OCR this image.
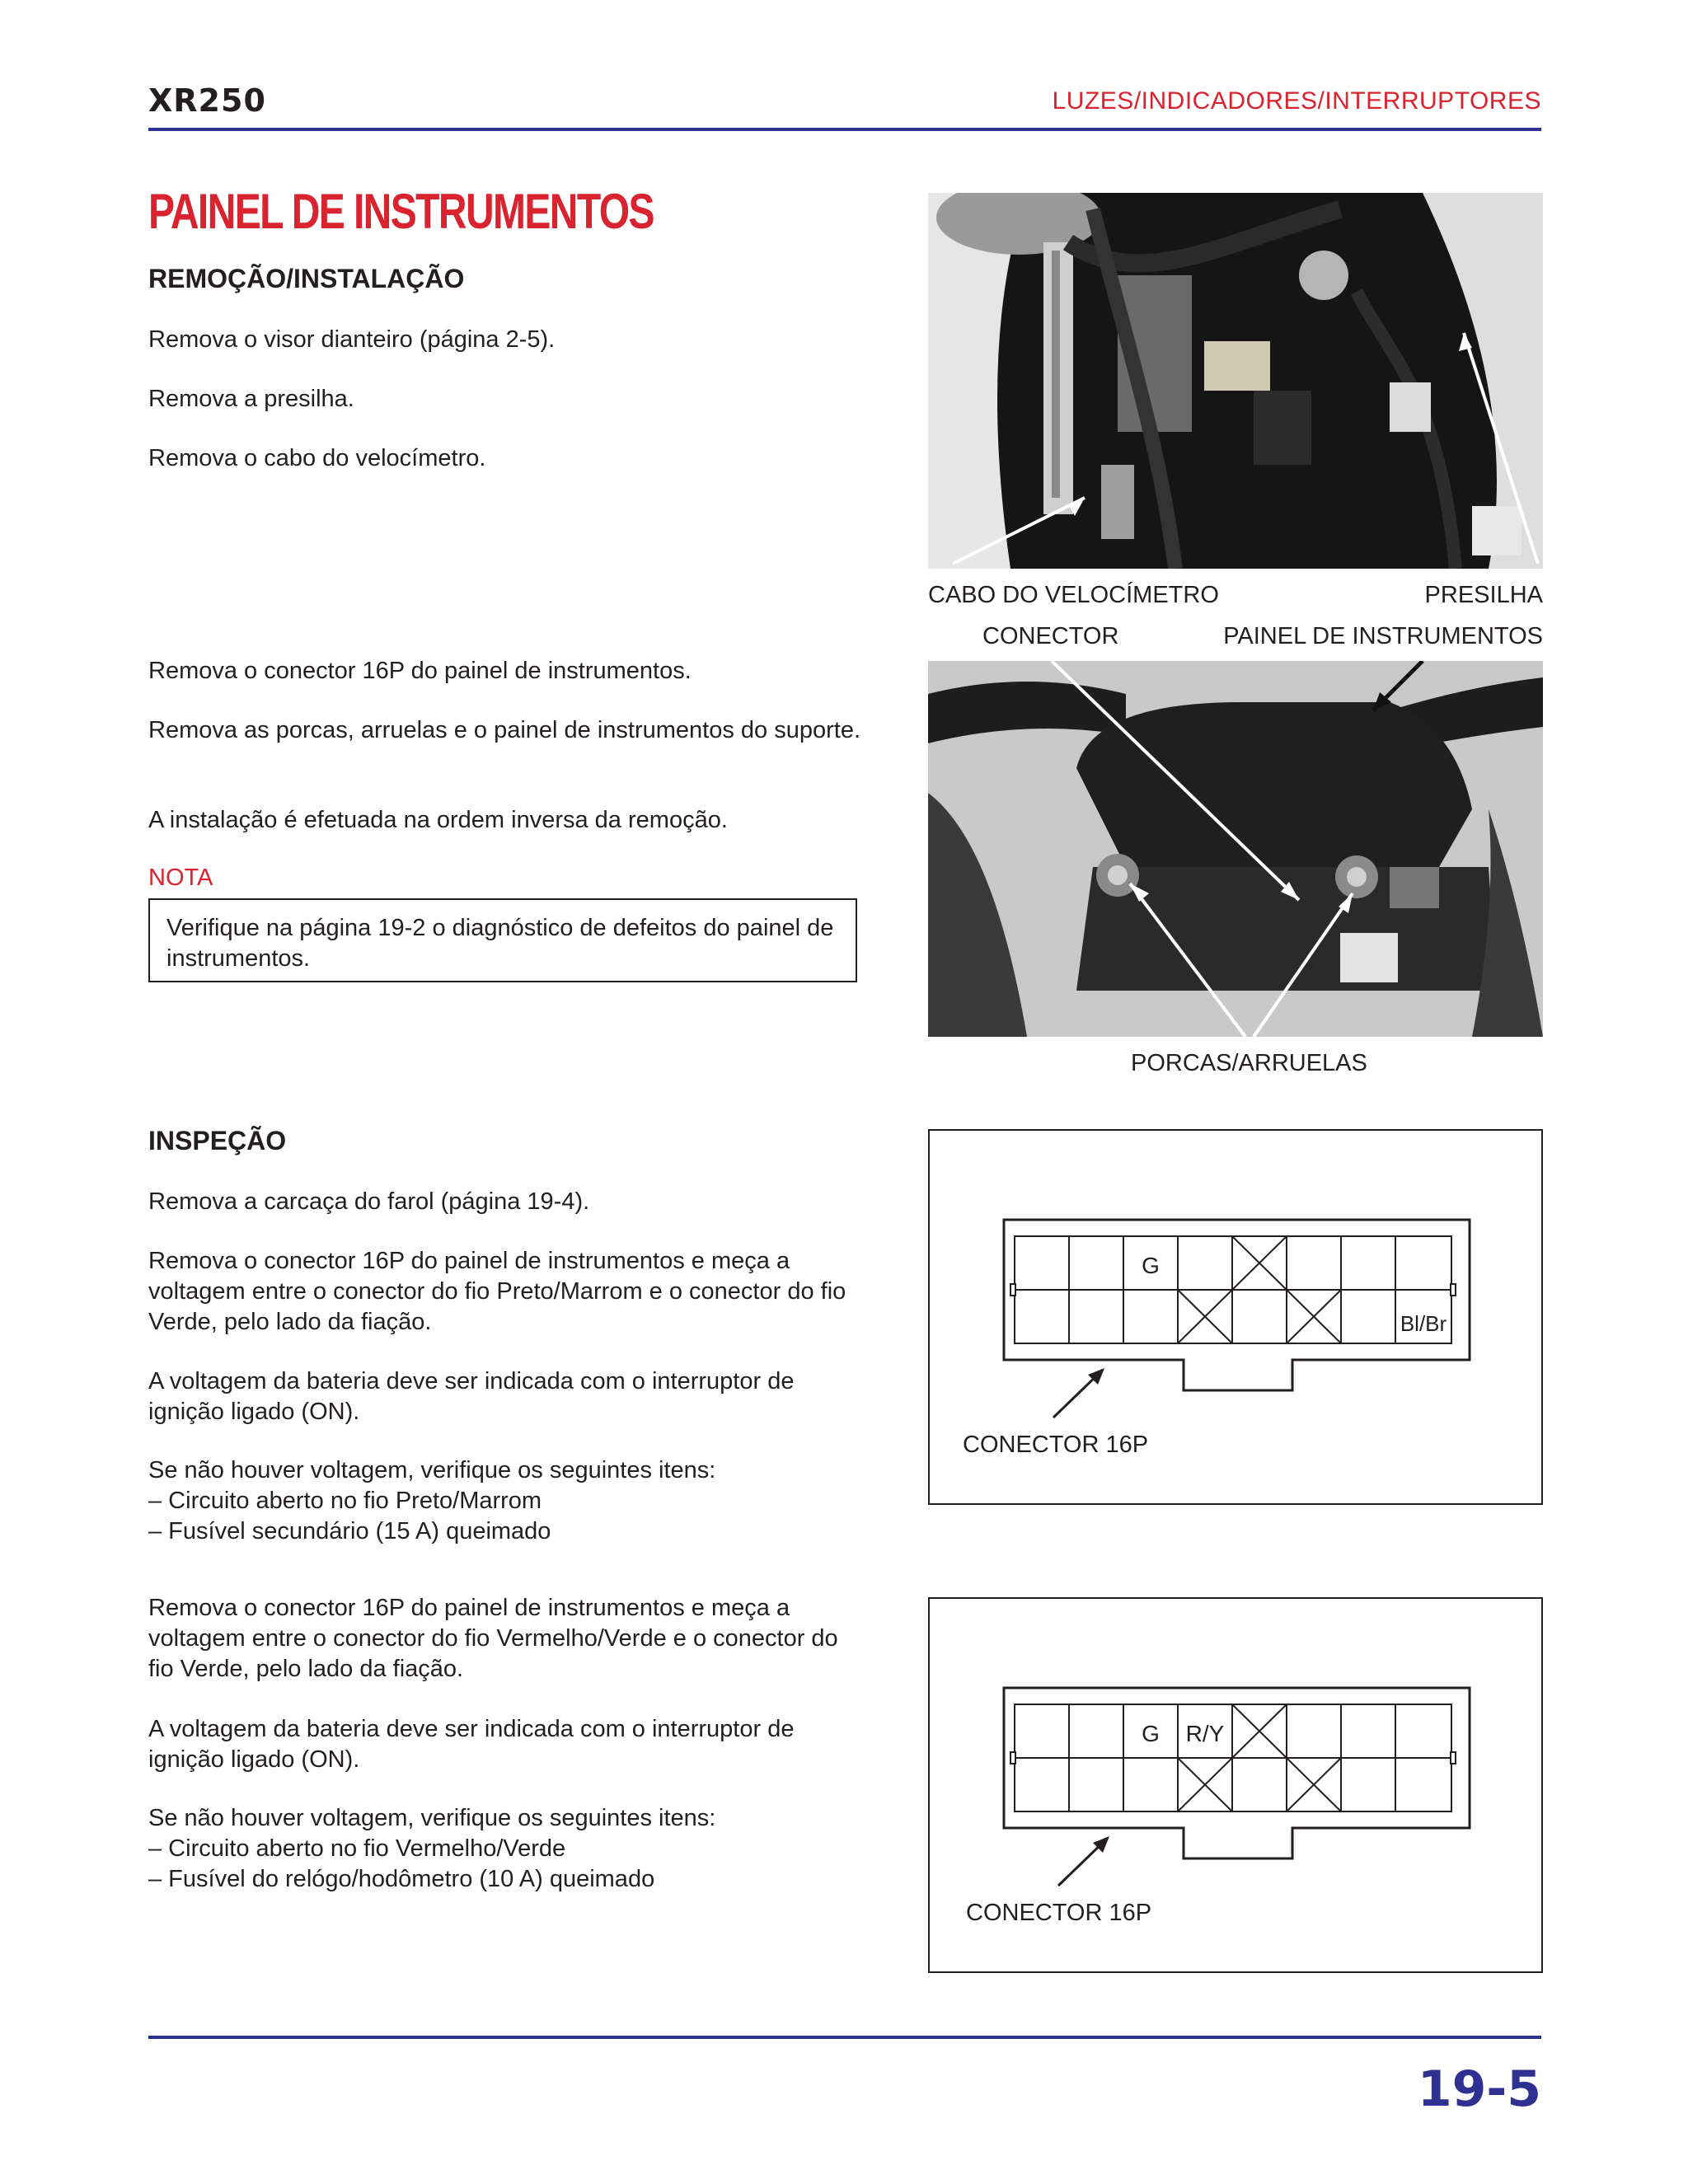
XR250	LUZES/INDICADORES/INTERRUPTORES
PAINEL DE INSTRUMENTOS
REMOÇÃO/INSTALAÇÃO
Remova o visor dianteiro (página 2-5).
Remova a presilha.
Remova o cabo do velocímetro.
Remova o conector 16P do painel de instrumentos.
Remova as porcas, arruelas e o painel de instrumentos do suporte.
A instalação é efetuada na ordem inversa da remoção.
NOTA
Verifique na página 19-2 o diagnóstico de defeitos do painel de instrumentos.
CABO DO VELOCÍMETRO	PRESILHA
CONECTOR	PAINEL DE INSTRUMENTOS
PORCAS/ARRUELAS
INSPEÇÃO
Remova a carcaça do farol (página 19-4).
Remova o conector 16P do painel de instrumentos e meça a voltagem entre o conector do fio Preto/Marrom e o conector do fio Verde, pelo lado da fiação.
A voltagem da bateria deve ser indicada com o interruptor de ignição ligado (ON).
Se não houver voltagem, verifique os seguintes itens:
– Circuito aberto no fio Preto/Marrom
– Fusível secundário (15 A) queimado
Remova o conector 16P do painel de instrumentos e meça a voltagem entre o conector do fio Vermelho/Verde e o conector do fio Verde, pelo lado da fiação.
A voltagem da bateria deve ser indicada com o interruptor de ignição ligado (ON).
Se não houver voltagem, verifique os seguintes itens:
– Circuito aberto no fio Vermelho/Verde
– Fusível do relógo/hodômetro (10 A) queimado
G
Bl/Br
CONECTOR 16P
G R/Y
CONECTOR 16P
19-5
